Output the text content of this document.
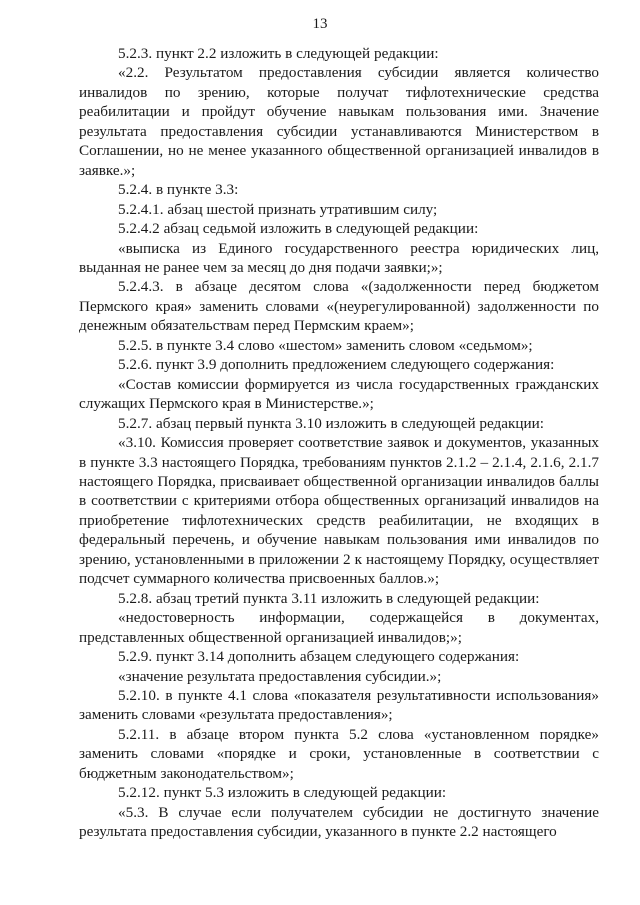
13

5.2.3. пункт 2.2 изложить в следующей редакции:

«2.2. Результатом предоставления субсидии является количество инвалидов по зрению, которые получат тифлотехнические средства реабилитации и пройдут обучение навыкам пользования ими. Значение результата предоставления субсидии устанавливаются Министерством в Соглашении, но не менее указанного общественной организацией инвалидов в заявке.»;

5.2.4. в пункте 3.3:

5.2.4.1. абзац шестой признать утратившим силу;

5.2.4.2 абзац седьмой изложить в следующей редакции:

«выписка из Единого государственного реестра юридических лиц, выданная не ранее чем за месяц до дня подачи заявки;»;

5.2.4.3. в абзаце десятом слова «(задолженности перед бюджетом Пермского края» заменить словами «(неурегулированной) задолженности по денежным обязательствам перед Пермским краем»;

5.2.5. в пункте 3.4 слово «шестом» заменить словом «седьмом»;

5.2.6. пункт 3.9 дополнить предложением следующего содержания:

«Состав комиссии формируется из числа государственных гражданских служащих Пермского края в Министерстве.»;

5.2.7. абзац первый пункта 3.10 изложить в следующей редакции:

«3.10. Комиссия проверяет соответствие заявок и документов, указанных в пункте 3.3 настоящего Порядка, требованиям пунктов 2.1.2 – 2.1.4, 2.1.6, 2.1.7 настоящего Порядка, присваивает общественной организации инвалидов баллы в соответствии с критериями отбора общественных организаций инвалидов на приобретение тифлотехнических средств реабилитации, не входящих в федеральный перечень, и обучение навыкам пользования ими инвалидов по зрению, установленными в приложении 2 к настоящему Порядку, осуществляет подсчет суммарного количества присвоенных баллов.»;

5.2.8. абзац третий пункта 3.11 изложить в следующей редакции:

«недостоверность информации, содержащейся в документах, представленных общественной организацией инвалидов;»;

5.2.9. пункт 3.14 дополнить абзацем следующего содержания:

«значение результата предоставления субсидии.»;

5.2.10. в пункте 4.1 слова «показателя результативности использования» заменить словами «результата предоставления»;

5.2.11. в абзаце втором пункта 5.2 слова «установленном порядке» заменить словами «порядке и сроки, установленные в соответствии с бюджетным законодательством»;

5.2.12. пункт 5.3 изложить в следующей редакции:

«5.3. В случае если получателем субсидии не достигнуто значение результата предоставления субсидии, указанного в пункте 2.2 настоящего
